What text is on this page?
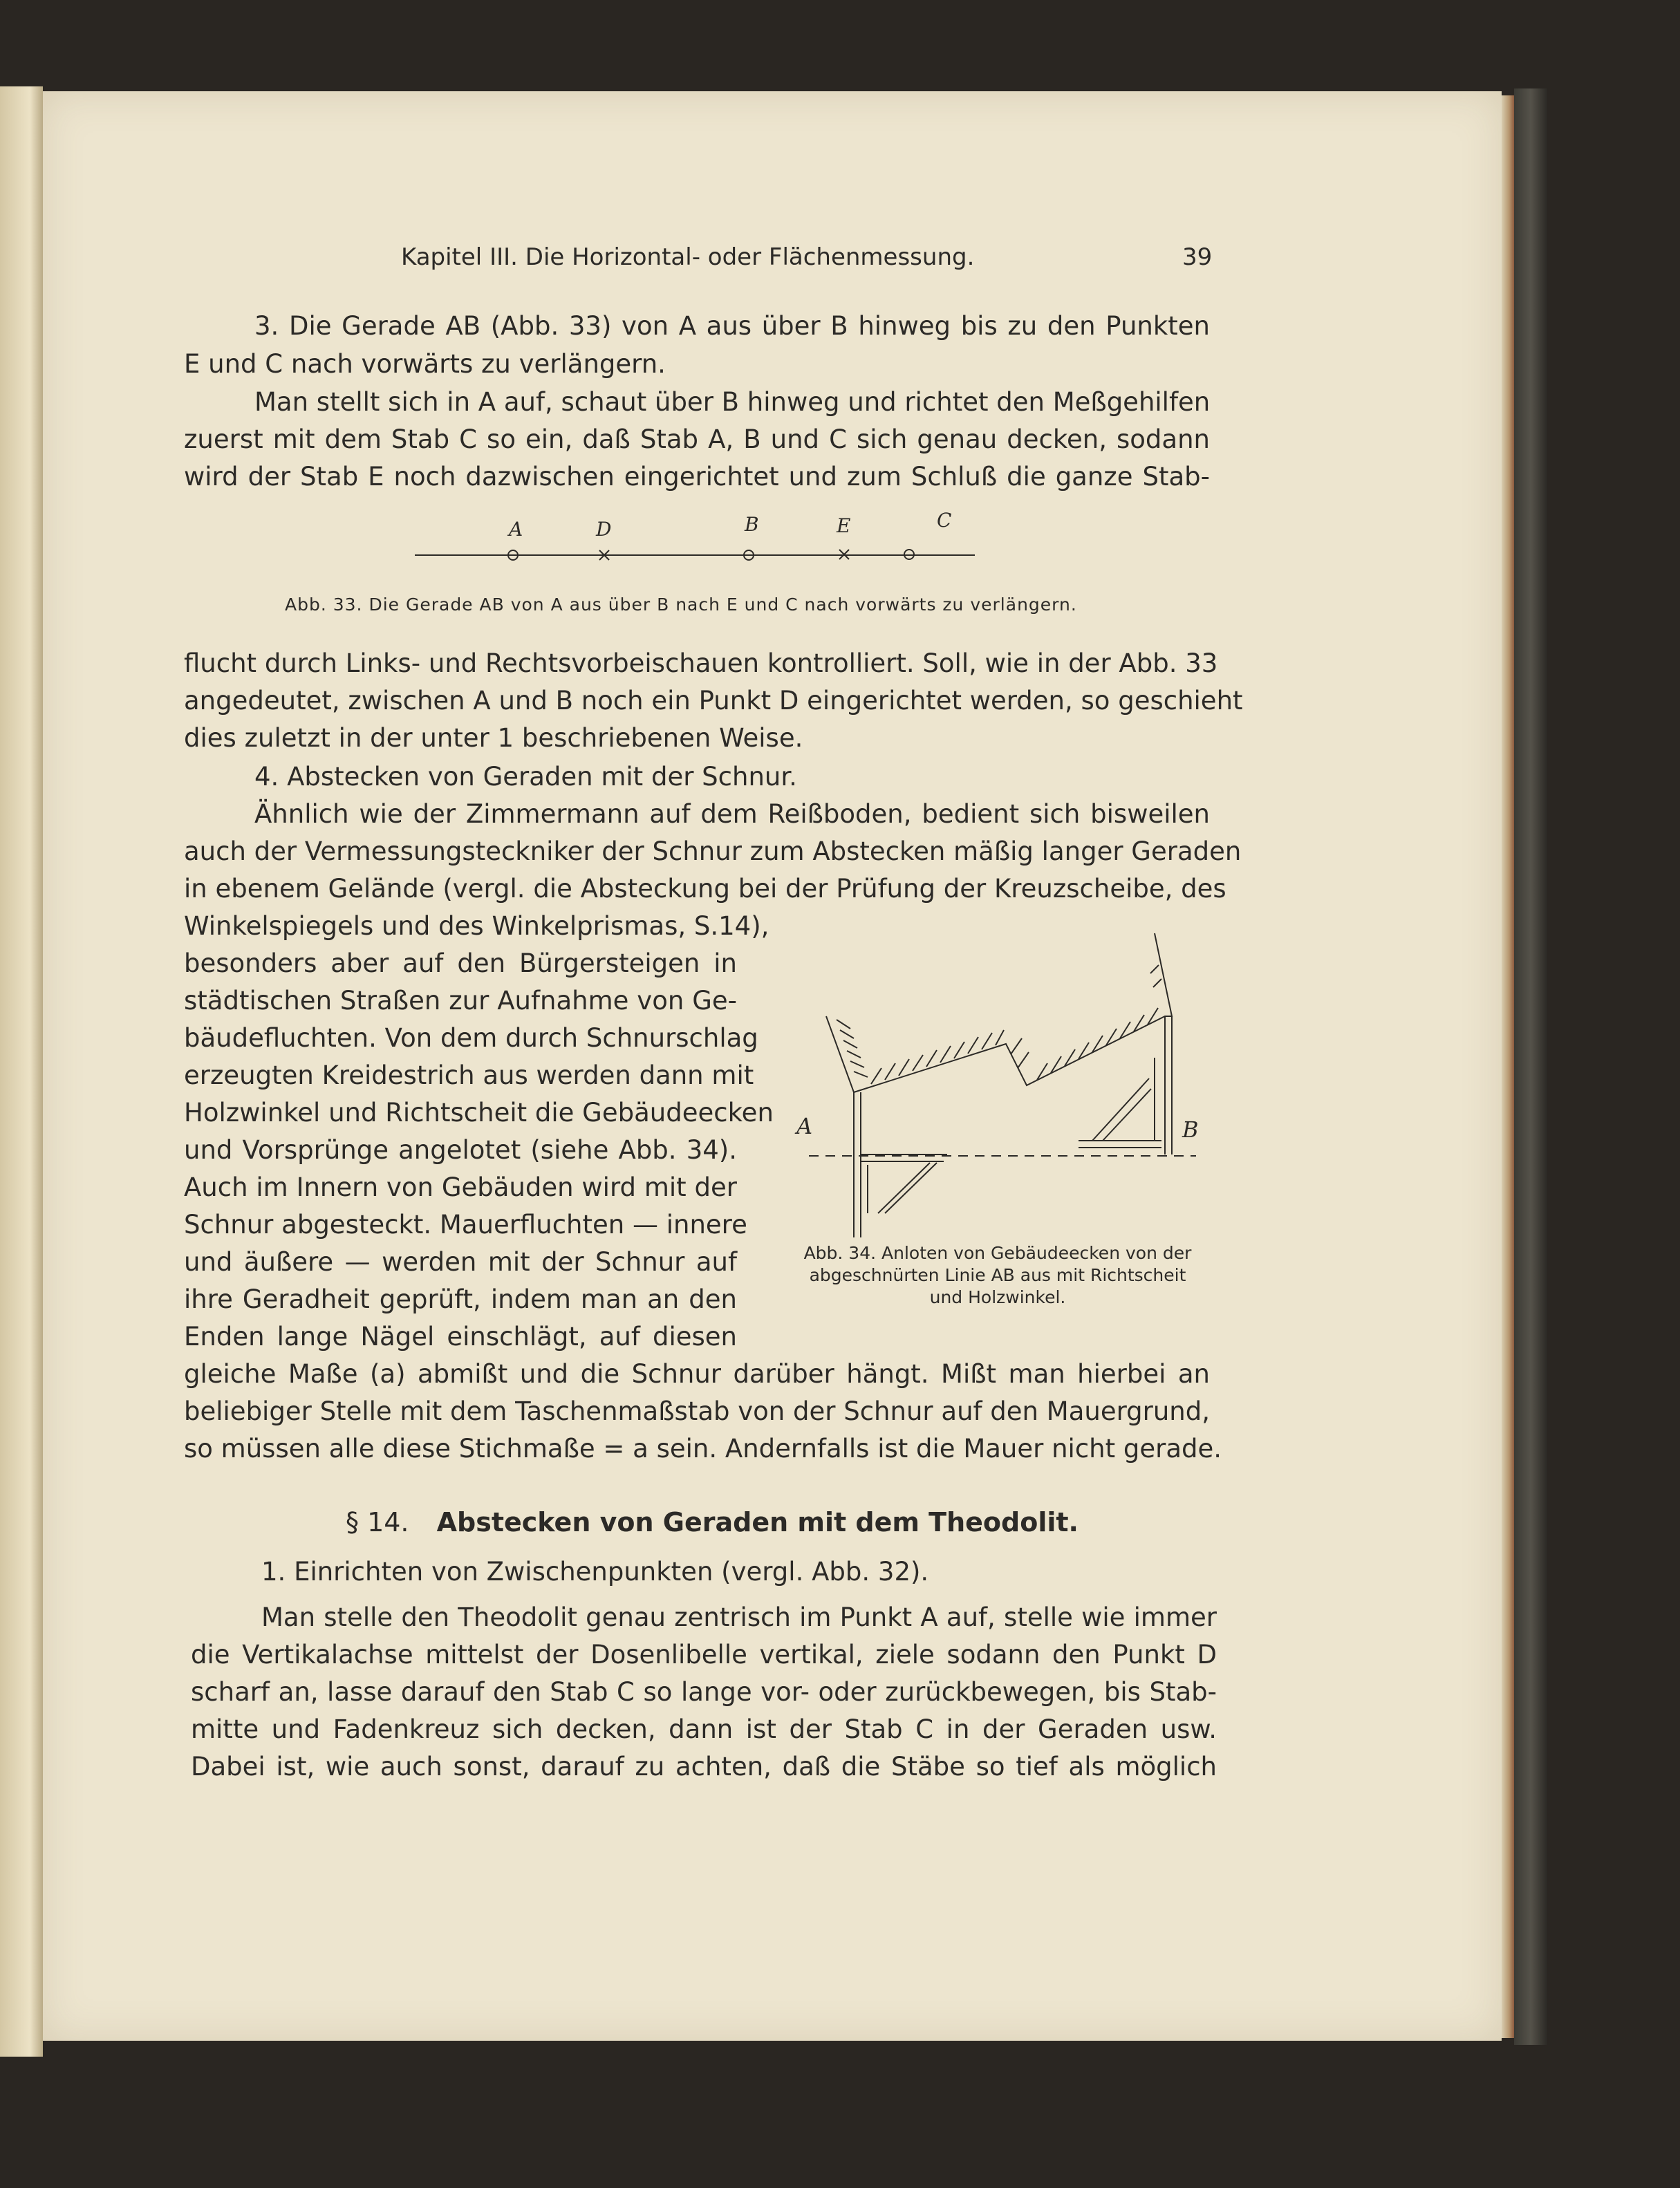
Kapitel III. Die Horizontal- oder Flächenmessung.	39
3. Die Gerade AB (Abb. 33) von A aus über B hinweg bis zu den Punkten
E und C nach vorwärts zu verlängern.
Man stellt sich in A auf, schaut über B hinweg und richtet den Meßgehilfen
zuerst mit dem Stab C so ein, daß Stab A, B und C sich genau decken, sodann
wird der Stab E noch dazwischen eingerichtet und zum Schluß die ganze Stab-
A	D	B	E	C
Abb. 33. Die Gerade AB von A aus über B nach E und C nach vorwärts zu verlängern.
flucht durch Links- und Rechtsvorbeischauen kontrolliert. Soll, wie in der Abb. 33
angedeutet, zwischen A und B noch ein Punkt D eingerichtet werden, so geschieht
dies zuletzt in der unter 1 beschriebenen Weise.
4. Abstecken von Geraden mit der Schnur.
Ähnlich wie der Zimmermann auf dem Reißboden, bedient sich bisweilen
auch der Vermessungsteckniker der Schnur zum Abstecken mäßig langer Geraden
in ebenem Gelände (vergl. die Absteckung bei der Prüfung der Kreuzscheibe, des
Winkelspiegels und des Winkelprismas, S.14),
besonders aber auf den Bürgersteigen in
städtischen Straßen zur Aufnahme von Ge-
bäudefluchten. Von dem durch Schnurschlag
erzeugten Kreidestrich aus werden dann mit
Holzwinkel und Richtscheit die Gebäudeecken
und Vorsprünge angelotet (siehe Abb. 34).
Auch im Innern von Gebäuden wird mit der
Schnur abgesteckt. Mauerfluchten — innere
und äußere — werden mit der Schnur auf
ihre Geradheit geprüft, indem man an den
Enden lange Nägel einschlägt, auf diesen
A	B
Abb. 34. Anloten von Gebäudeecken von der
abgeschnürten Linie AB aus mit Richtscheit
und Holzwinkel.
gleiche Maße (a) abmißt und die Schnur darüber hängt. Mißt man hierbei an
beliebiger Stelle mit dem Taschenmaßstab von der Schnur auf den Mauergrund,
so müssen alle diese Stichmaße = a sein. Andernfalls ist die Mauer nicht gerade.
§ 14. Abstecken von Geraden mit dem Theodolit.
1. Einrichten von Zwischenpunkten (vergl. Abb. 32).
Man stelle den Theodolit genau zentrisch im Punkt A auf, stelle wie immer
die Vertikalachse mittelst der Dosenlibelle vertikal, ziele sodann den Punkt D
scharf an, lasse darauf den Stab C so lange vor- oder zurückbewegen, bis Stab-
mitte und Fadenkreuz sich decken, dann ist der Stab C in der Geraden usw.
Dabei ist, wie auch sonst, darauf zu achten, daß die Stäbe so tief als möglich
